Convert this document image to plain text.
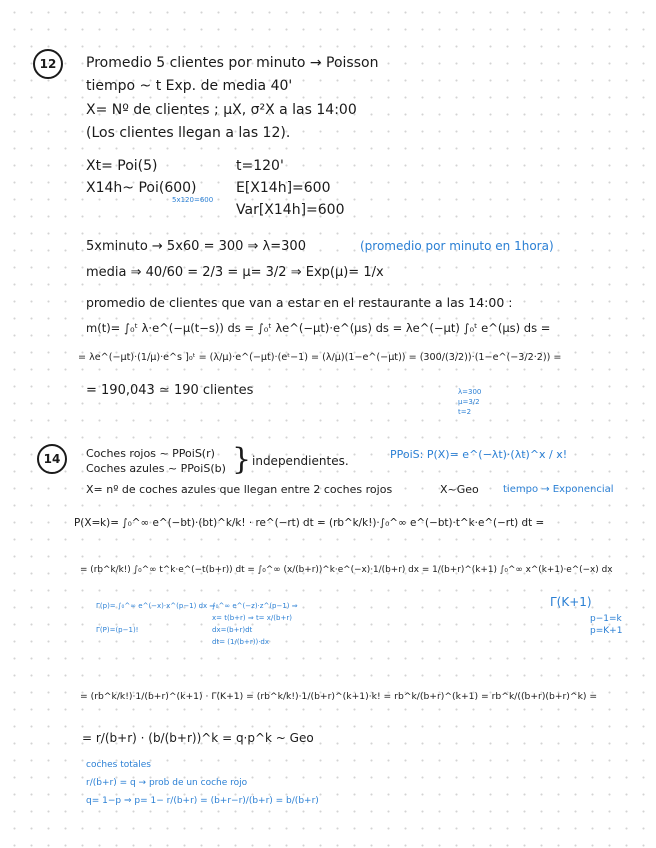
12	Promedio 5 clientes por minuto → Poisson
tiempo ~ t Exp. de media 40'
X= Nº de clientes ; μX, σ²X a las 14:00
(Los clientes llegan a las 12).
Xt= Poi(5)	t=120'
X14h~ Poi(600)
5x120=600
E[X14h]=600
Var[X14h]=600
5xminuto → 5x60 = 300 ⇒ λ=300	(promedio por minuto en 1hora)
media ⇒ 40/60 = 2/3 = μ= 3/2 ⇒ Exp(μ)= 1/x
promedio de clientes que van a estar en el restaurante a las 14:00 :
m(t)= ∫₀ᵗ λ·e^(−μ(t−s)) ds = ∫₀ᵗ λe^(−μt)·e^(μs) ds = λe^(−μt) ∫₀ᵗ e^(μs) ds =
= λe^(−μt)·(1/μ)·e^s ]₀ᵗ = (λ/μ)·e^(−μt)·(eᵗ−1) = (λ/μ)(1−e^(−μt)) = (300/(3/2))·(1−e^(−3/2·2)) =
= 190,043 ≃ 190 clientes	λ=300
μ=3/2
t=2
14	Coches rojos ~ PPoiS(r)
Coches azules ~ PPoiS(b) } independientes.	PPoiS: P(X)= e^(−λt)·(λt)^x / x!
X= nº de coches azules que llegan entre 2 coches rojos	X~Geo tiempo → Exponencial
P(X=k)= ∫₀^∞ e^(−bt)·(bt)^k/k! · re^(−rt) dt = (rb^k/k!)·∫₀^∞ e^(−bt)·t^k·e^(−rt) dt =
= (rb^k/k!) ∫₀^∞ t^k·e^(−t(b+r)) dt = ∫₀^∞ (x/(b+r))^k·e^(−x)·1/(b+r) dx = 1/(b+r)^(k+1) ∫₀^∞ x^(k+1)·e^(−x) dx
Γ(p)= ∫₀^∞ e^(−x)·x^(p−1) dx ⇒
Γ(P)=(p−1)!
∫₀^∞ e^(−z)·z^(p−1) ⇒
x= t(b+r) ⇒ t= x/(b+r)
dx=(b+r)dt
dt= (1/(b+r))·dx
Γ(K+1)
p−1=k
p=K+1
= (rb^k/k!)·1/(b+r)^(k+1) · Γ(K+1) = (rb^k/k!)·1/(b+r)^(k+1)·k! = rb^k/(b+r)^(k+1) = rb^k/((b+r)(b+r)^k) =
= r/(b+r) · (b/(b+r))^k = q·p^k ~ Geo
coches totales
r/(b+r) = q → prob de un coche rojo
q= 1−p ⇒ p= 1− r/(b+r) = (b+r−r)/(b+r) = b/(b+r)
